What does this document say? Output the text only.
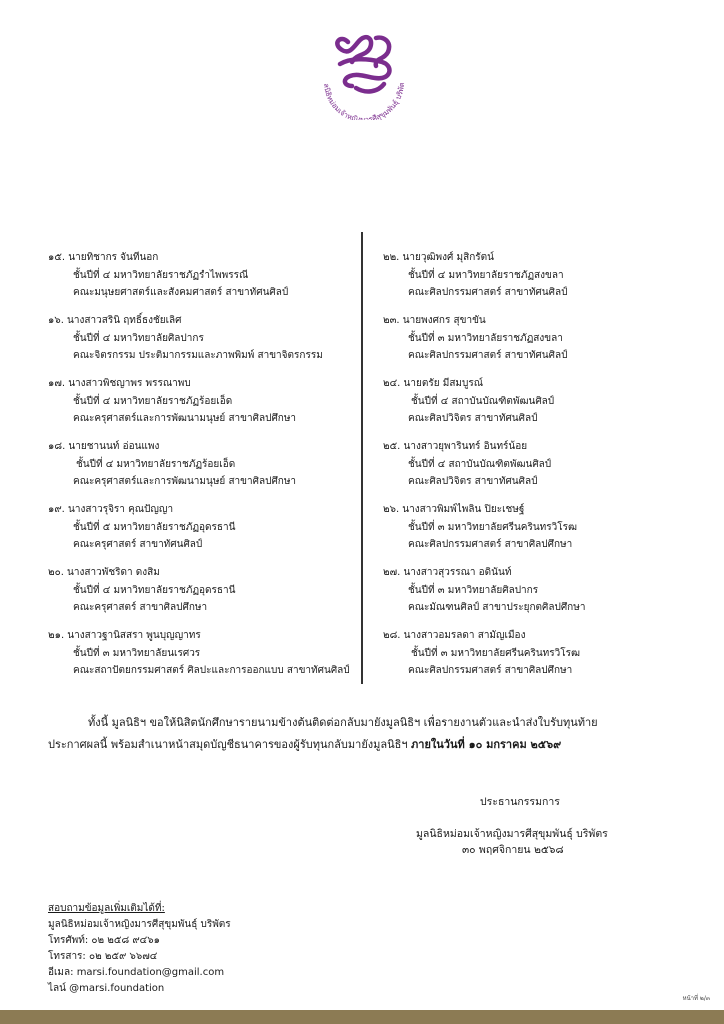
ลนิธิหม่อมเจ้าหญิงมารศีสุขุมพันธุ์ บริพัต
๑๕. นายทิชากร จันทีนอก
ชั้นปีที่ ๔ มหาวิทยาลัยราชภัฏรำไพพรรณี
คณะมนุษยศาสตร์และสังคมศาสตร์ สาขาทัศนศิลป์
๑๖. นางสาวสรินิ ฤทธิ์ธงชัยเลิศ
ชั้นปีที่ ๔ มหาวิทยาลัยศิลปากร
คณะจิตรกรรม ประติมากรรมและภาพพิมพ์ สาขาจิตรกรรม
๑๗. นางสาวพิชญาพร พรรณาพบ
ชั้นปีที่ ๔ มหาวิทยาลัยราชภัฏร้อยเอ็ด
คณะครุศาสตร์และการพัฒนามนุษย์ สาขาศิลปศึกษา
๑๘. นายชานนท์ อ่อนแพง
ชั้นปีที่ ๔ มหาวิทยาลัยราชภัฏร้อยเอ็ด
คณะครุศาสตร์และการพัฒนามนุษย์ สาขาศิลปศึกษา
๑๙. นางสาวรุจิรา คุณปัญญา
ชั้นปีที่ ๕ มหาวิทยาลัยราชภัฏอุดรธานี
คณะครุศาสตร์ สาขาทัศนศิลป์
๒๐. นางสาวพัชริดา ดงสิม
ชั้นปีที่ ๔ มหาวิทยาลัยราชภัฏอุดรธานี
คณะครุศาสตร์ สาขาศิลปศึกษา
๒๑. นางสาวฐานิสสรา พูนบุญญาทร
ชั้นปีที่ ๓ มหาวิทยาลัยนเรศวร
คณะสถาปัตยกรรมศาสตร์ ศิลปะและการออกแบบ สาขาทัศนศิลป์
๒๒. นายวุฒิพงศ์ มุสิกรัตน์
ชั้นปีที่ ๔ มหาวิทยาลัยราชภัฏสงขลา
คณะศิลปกรรมศาสตร์ สาขาทัศนศิลป์
๒๓. นายพงศกร สุขาขัน
ชั้นปีที่ ๓ มหาวิทยาลัยราชภัฏสงขลา
คณะศิลปกรรมศาสตร์ สาขาทัศนศิลป์
๒๔. นายตรัย มีสมบูรณ์
ชั้นปีที่ ๔ สถาบันบัณฑิตพัฒนศิลป์
คณะศิลปวิจิตร สาขาทัศนศิลป์
๒๕. นางสาวยุพารินทร์ อินทร์น้อย
ชั้นปีที่ ๔ สถาบันบัณฑิตพัฒนศิลป์
คณะศิลปวิจิตร สาขาทัศนศิลป์
๒๖. นางสาวพิมพ์ไพลิน ปิยะเชษฐ์
ชั้นปีที่ ๓ มหาวิทยาลัยศรีนครินทรวิโรฒ
คณะศิลปกรรมศาสตร์ สาขาศิลปศึกษา
๒๗. นางสาวสุวรรณา อดินันท์
ชั้นปีที่ ๓ มหาวิทยาลัยศิลปากร
คณะมัณฑนศิลป์ สาขาประยุกตศิลปศึกษา
๒๘. นางสาวอมรลดา สามัญเมือง
ชั้นปีที่ ๓ มหาวิทยาลัยศรีนครินทรวิโรฒ
คณะศิลปกรรมศาสตร์ สาขาศิลปศึกษา
ทั้งนี้ มูลนิธิฯ ขอให้นิสิตนักศึกษารายนามข้างต้นติดต่อกลับมายังมูลนิธิฯ เพื่อรายงานตัวและนำส่งใบรับทุนท้าย
ประกาศผลนี้ พร้อมสำเนาหน้าสมุดบัญชีธนาคารของผู้รับทุนกลับมายังมูลนิธิฯ ภายในวันที่ ๑๐ มกราคม ๒๕๖๙
ประธานกรรมการ
มูลนิธิหม่อมเจ้าหญิงมารศีสุขุมพันธุ์ บริพัตร
๓๐ พฤศจิกายน ๒๕๖๘
สอบถามข้อมูลเพิ่มเติมได้ที่:
มูลนิธิหม่อมเจ้าหญิงมารศีสุขุมพันธุ์ บริพัตร
โทรศัพท์: ๐๒ ๒๕๘ ๙๔๖๑
โทรสาร: ๐๒ ๒๕๙ ๖๖๗๔
อีเมล: marsi.foundation@gmail.com
ไลน์ @marsi.foundation
หน้าที่ ๒/๓
